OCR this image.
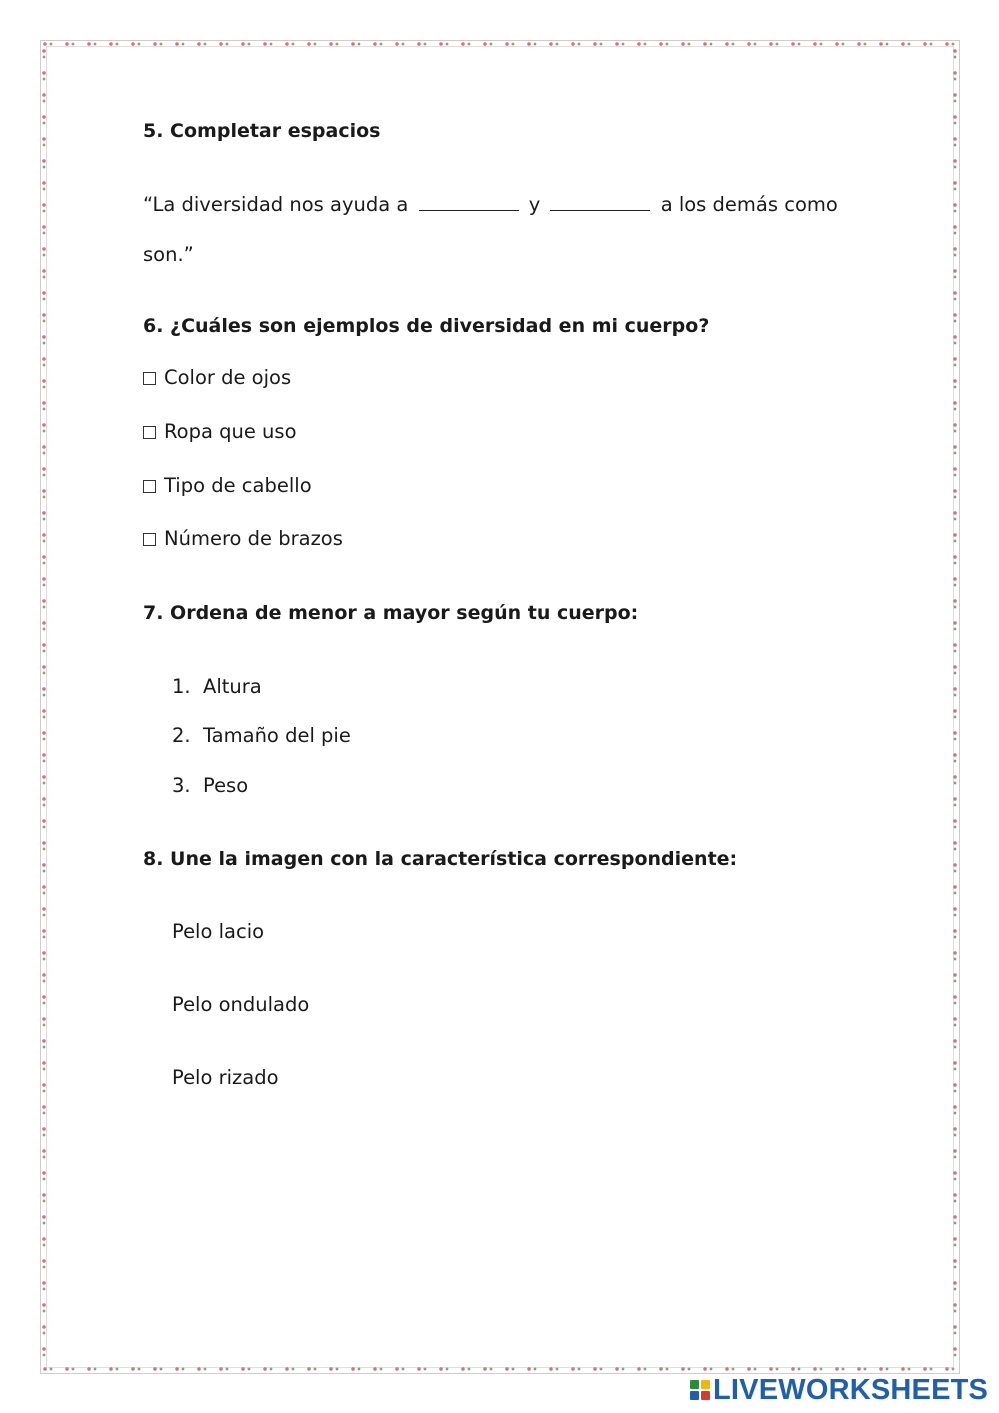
5. Completar espacios
“La diversidad nos ayuda a	y	a los demás como
son.”
6. ¿Cuáles son ejemplos de diversidad en mi cuerpo?
Color de ojos
Ropa que uso
Tipo de cabello
Número de brazos
7. Ordena de menor a mayor según tu cuerpo:
1. Altura
2. Tamaño del pie
3. Peso
8. Une la imagen con la característica correspondiente:
Pelo lacio
Pelo ondulado
Pelo rizado
LIVEWORKSHEETS
